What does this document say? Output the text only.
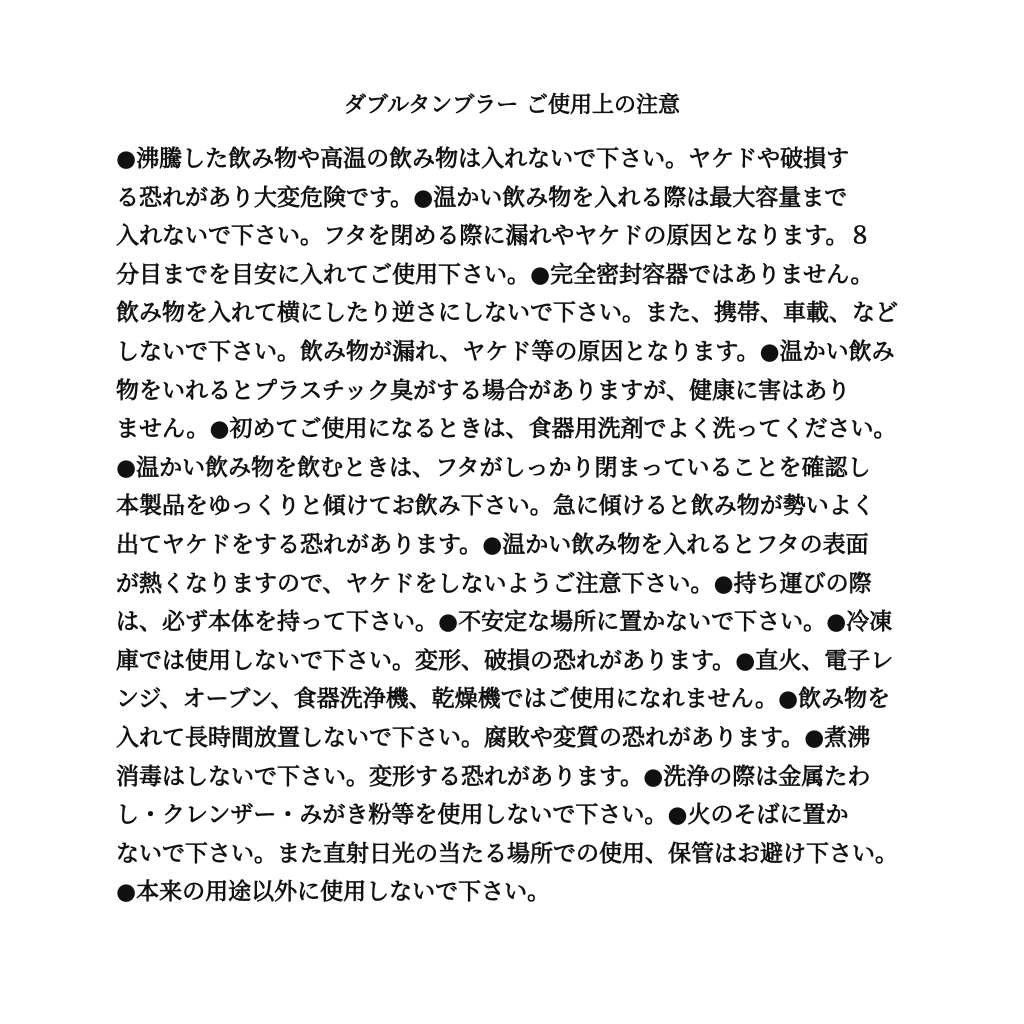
ダブルタンブラー ご使用上の注意
●沸騰した飲み物や高温の飲み物は入れないで下さい。ヤケドや破損す
る恐れがあり大変危険です。●温かい飲み物を入れる際は最大容量まで
入れないで下さい。フタを閉める際に漏れやヤケドの原因となります。８
分目までを目安に入れてご使用下さい。●完全密封容器ではありません。
飲み物を入れて横にしたり逆さにしないで下さい。また、携帯、車載、など
しないで下さい。飲み物が漏れ、ヤケド等の原因となります。●温かい飲み
物をいれるとプラスチック臭がする場合がありますが、健康に害はあり
ません。●初めてご使用になるときは、食器用洗剤でよく洗ってください。
●温かい飲み物を飲むときは、フタがしっかり閉まっていることを確認し
本製品をゆっくりと傾けてお飲み下さい。急に傾けると飲み物が勢いよく
出てヤケドをする恐れがあります。●温かい飲み物を入れるとフタの表面
が熱くなりますので、ヤケドをしないようご注意下さい。●持ち運びの際
は、必ず本体を持って下さい。●不安定な場所に置かないで下さい。●冷凍
庫では使用しないで下さい。変形、破損の恐れがあります。●直火、電子レ
ンジ、オーブン、食器洗浄機、乾燥機ではご使用になれません。●飲み物を
入れて長時間放置しないで下さい。腐敗や変質の恐れがあります。●煮沸
消毒はしないで下さい。変形する恐れがあります。●洗浄の際は金属たわ
し・クレンザー・みがき粉等を使用しないで下さい。●火のそばに置か
ないで下さい。また直射日光の当たる場所での使用、保管はお避け下さい。
●本来の用途以外に使用しないで下さい。
